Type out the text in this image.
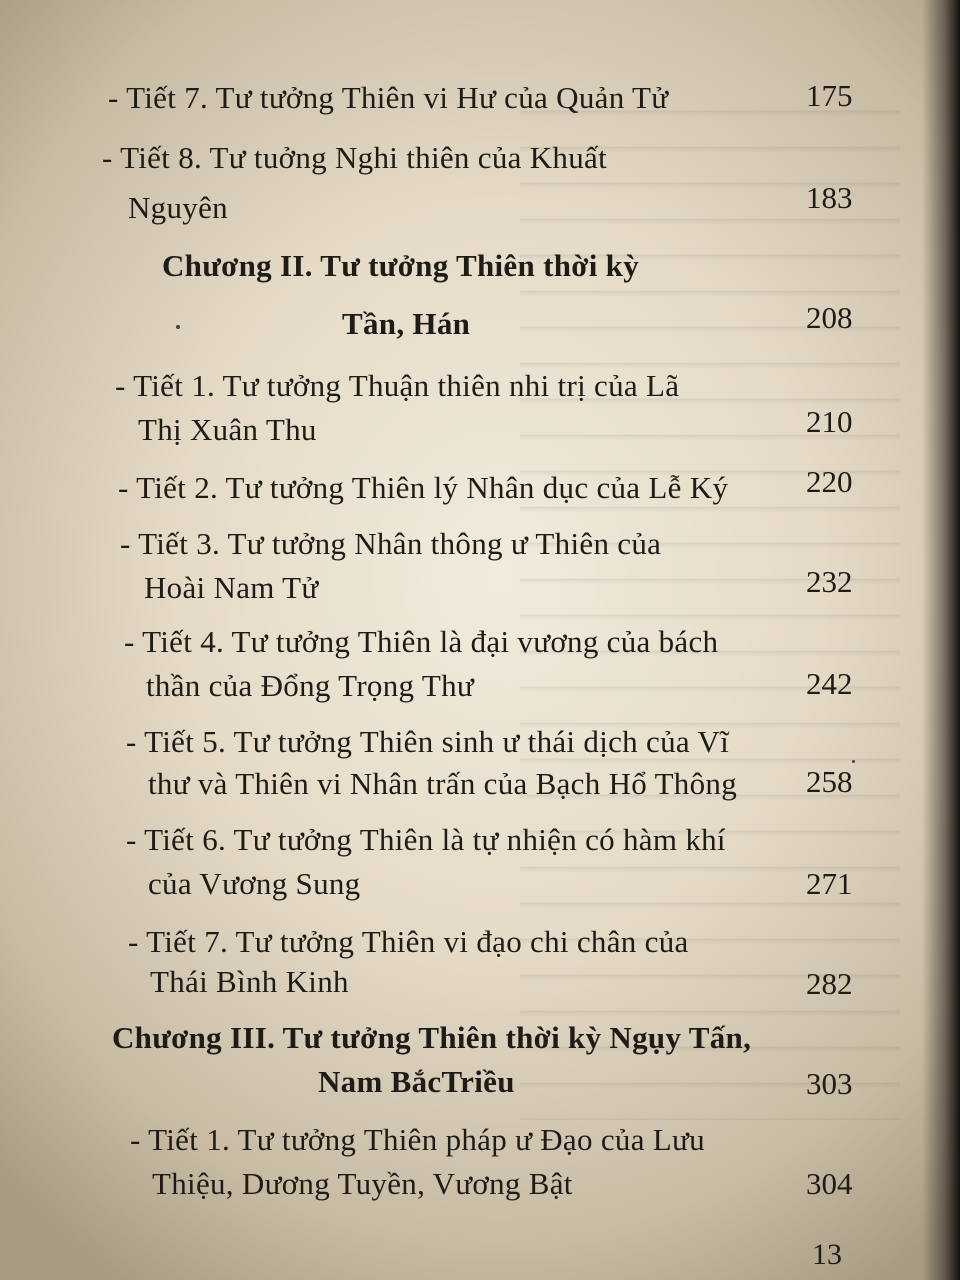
- Tiết 7. Tư tưởng Thiên vi Hư của Quản Tử	175
- Tiết 8. Tư tuởng Nghi thiên của Khuất
Nguyên	183
Chương II. Tư tưởng Thiên thời kỳ
Tần, Hán	208
- Tiết 1. Tư tưởng Thuận thiên nhi trị của Lã
Thị Xuân Thu	210
- Tiết 2. Tư tưởng Thiên lý Nhân dục của Lễ Ký	220
- Tiết 3. Tư tưởng Nhân thông ư Thiên của
Hoài Nam Tử	232
- Tiết 4. Tư tưởng Thiên là đại vương của bách
thần của Đổng Trọng Thư	242
- Tiết 5. Tư tưởng Thiên sinh ư thái dịch của Vĩ
thư và Thiên vi Nhân trấn của Bạch Hổ Thông 258
- Tiết 6. Tư tưởng Thiên là tự nhiện có hàm khí
của Vương Sung	271
- Tiết 7. Tư tưởng Thiên vi đạo chi chân của
Thái Bình Kinh	282
Chương III. Tư tưởng Thiên thời kỳ Ngụy Tấn,
Nam BắcTriều	303
- Tiết 1. Tư tưởng Thiên pháp ư Đạo của Lưu
Thiệu, Dương Tuyền, Vương Bật	304
13
